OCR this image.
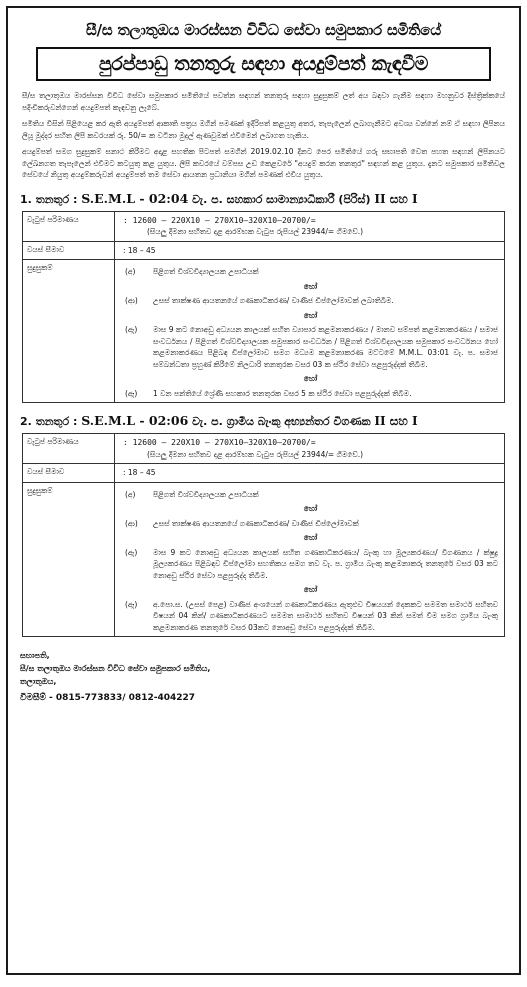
සී/ස තලාතුඔය මාරස්සන විවිධ සේවා සමුපකාර සමිතියේ
පුරප්පාඩු තනතුරු සඳහා අයදුම්පත් කැඳවීම

සී/ස තලාතුඔය මාරස්සන විවිධ සේවා සමුපකාර සමිතියේ පවත්න සඳහන් තනතුරු සඳහා සුදුසුකම් ලත් අය බඳවා ගැනීම සඳහා මහනුවර දිස්ත්‍රික්කයේ පදිංචිකරුවන්ගෙන් අයදුම්පත් කැඳවනු ලැබේ.

සමිතිය විසින් පිළියෙළ කර ඇති අයදුම්පත් ආකෘති පත්‍රය මගින් පමණක් ඉදිරිපත් කළයුතු අතර, තැපැලෙන් ලබාගැනීමට අවශ්‍ය වන්නේ නම් ඒ සඳහා ලිපිනය ලියූ මුද්දර සහිත ලිපි කවරයක් රු. 50/= ක වටිනා මුදල් ඇණවුමක් එවීමෙන් ලබාගත හැකිය.

අයදුම්පත් සමග සුදුසුකම් සනාථ කිරීමට අදාළ සහතික පිටපත් සමගින් 2019.02.10 දිනට පෙර සමිතියේ ගරු සභාපති වෙත පහත සඳහන් ලිපිනයට ලේඛනගත තැපෑලෙන් එවීමට කටයුතු කළ යුතුය. ලිපි කවරයේ වම්පස උඩ කෙළවරේ "අයදුම් කරන තනතුර" සඳහන් කළ යුතුය. දැනට සමුපකාර සමිතිවල සේවයේ නියුතු අයදුම්කරුවන් අයදුම්පත් තම සේවා ආයතන ප්‍රධානියා මගින් පමණක් එවිය යුතුය.

1. තනතුර : S.E.M.L - 02:04 වැ. ප. සහකාර සාමාන්‍යාධිකාරී (පිරිස්) II සහ I
වැටුප් පරිමාණය	: 12600 – 220X10 – 270X10–320X10–20700/=
(සියලු දීමනා සහිතව දළ ආරම්භක වැටුප රුපියල් 23944/= ගිමවේ.)
වයස් සීමාව	: 18 – 45
සුදුසුකම්	(අ)	පිළිගත් විශ්වවිද්‍යාලයක උපාධියක්
හෝ
(ආ)	උසස් තාක්ෂණ ආයතනයේ ගණකාධිකරණ/ වාණිජ ඩිප්ලෝමාවක් ලබාතිබීම.
හෝ
(ඇ)	මාස 9 කට නොඅඩු අධ්‍යයන කාලයක් සහිත ව්‍යාපාර කළමනාකරණය / මානව සම්පත් කළමනාකරණය / සමාජ සංවර්ධනය / පිළිගත් විශ්වවිද්‍යාලයක සමුපකාර සංවර්ධන / පිළිගත් විශ්වවිද්‍යාලයක සමුපකාර සංවර්ධනය හෝ කළමනාකරණය පිළිබඳ ඩිප්ලෝමාව සමග මධ්‍යම කළමනාකරණ මට්ටමේ M.M.L. 03:01 වැ. ප. සමාජ සම්බන්ධතා ප්‍රහුණ් කිරීමේ නිලධාරි තනතුරක වසර 03 ක ස්ථිර සේවා පළපුරුද්දක් තිබීම.
හෝ
(ඈ)	1 වන පන්තියේ ශ්‍රේණි සහකාර තනතුරක වසර 5 ක ස්ථිර සේවා පළපුරුද්දක් තිබීම.
2. තනතුර : S.E.M.L - 02:06 වැ. ප. ග්‍රාමීය බැංකු අභ්‍යන්තර විගණක II සහ I
වැටුප් පරිමාණය	: 12600 – 220X10 – 270X10–320X10–20700/=
(සියලු දීමනා සහිතව දළ ආරම්භක වැටුප රුපියල් 23944/= ගිමවේ.)
වයස් සීමාව	: 18 – 45
සුදුසුකම්	(අ)	පිළිගත් විශ්වවිද්‍යාලයක උපාධියක්
හෝ
(ආ)	උසස් තාක්ෂණ ආයතනයේ ගණකාධිකරණ/ වාණිජ ඩිප්ලෝමාවක්
හෝ
(ඇ)	මාස 9 කට නොඅඩු අධ්‍යයන කාලයක් සහිත ගණකාධිකරණය/ බැංකු හා මූල්‍යකරණය/ විගණනය / ක්ෂුද්‍ර මූල්‍යකරණය පිළිබඳව ඩිප්ලෝමා සහතිකය සමග තව වැ. ප. ග්‍රාමීය බැංකු කළමනාකරු තනතුරේ වසර 03 කට නොඅඩු ස්ථිර සේවා පළපුරුද්ද තිබීම.
හෝ
(ඈ)	අ.පො.ස. (උසස් පෙළ) වාණිජ අංශයෙන් ගණකාධිකරණය ඇතුළුව විෂයයන් දෙකකට සමමත සමාර්ථ සහිතව විෂයන් 04 කින්/ ගණකාධිකරණයට සමමත සාමාර්ථ සහිතව විෂයන් 03 කින් සමත් වීම සමග ග්‍රාමීය බැංකු කළමනාකරණ තනතුරේ වසර 03කට නොඅඩු සේවා පළපුරුද්දක් තිබීම.
සභාපති,
සී/ස තලාතුඔය මාරස්සන විවිධ සේවා සමුපකාර සමිතිය,
තලාතුඔය,
විමසීම් - 0815-773833/ 0812-404227
